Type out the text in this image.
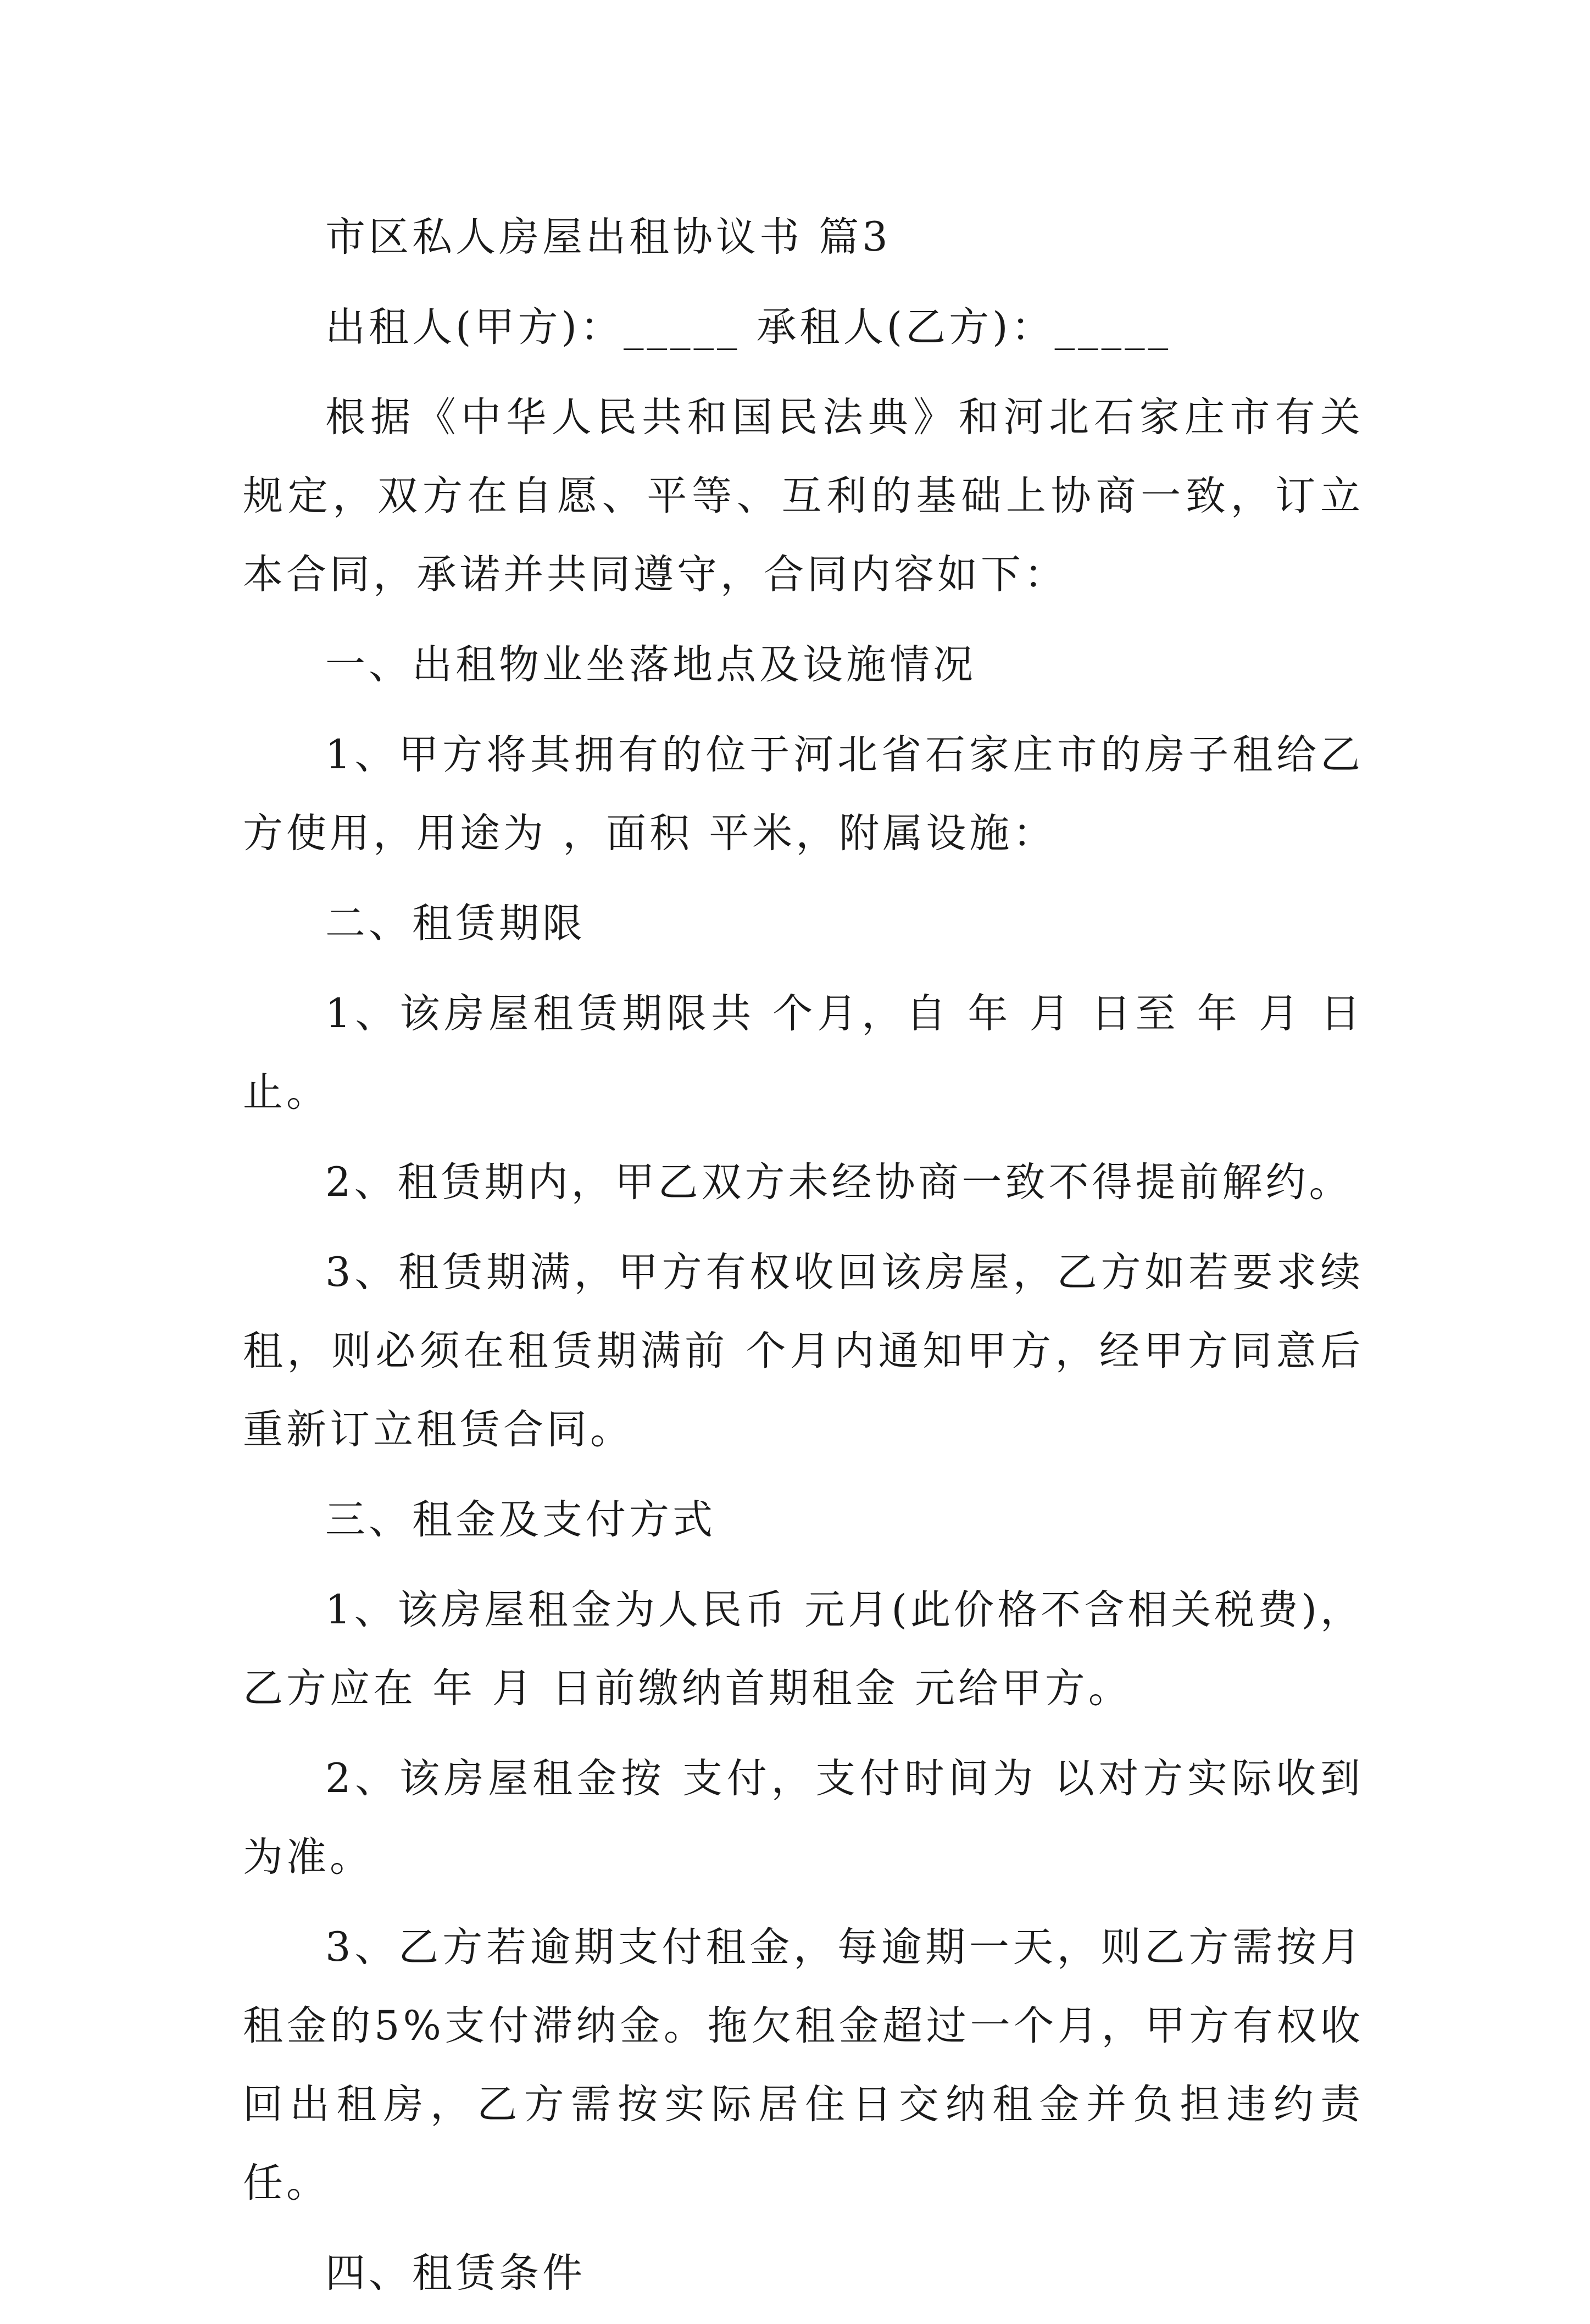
市区私人房屋出租协议书 篇3

出租人(甲方)：_____ 承租人(乙方)：_____

根据《中华人民共和国民法典》和河北石家庄市有关规定，双方在自愿、平等、互利的基础上协商一致，订立本合同，承诺并共同遵守，合同内容如下：

一、出租物业坐落地点及设施情况

1、甲方将其拥有的位于河北省石家庄市的房子租给乙方使用，用途为 ，面积 平米，附属设施：

二、租赁期限

1、该房屋租赁期限共 个月，自 年 月 日至 年 月 日止。

2、租赁期内，甲乙双方未经协商一致不得提前解约。

3、租赁期满，甲方有权收回该房屋，乙方如若要求续租，则必须在租赁期满前 个月内通知甲方，经甲方同意后重新订立租赁合同。

三、租金及支付方式

1、该房屋租金为人民币 元月(此价格不含相关税费)，乙方应在 年 月 日前缴纳首期租金 元给甲方。

2、该房屋租金按 支付，支付时间为 以对方实际收到为准。

3、乙方若逾期支付租金，每逾期一天，则乙方需按月租金的5%支付滞纳金。拖欠租金超过一个月，甲方有权收回出租房，乙方需按实际居住日交纳租金并负担违约责任。

四、租赁条件
